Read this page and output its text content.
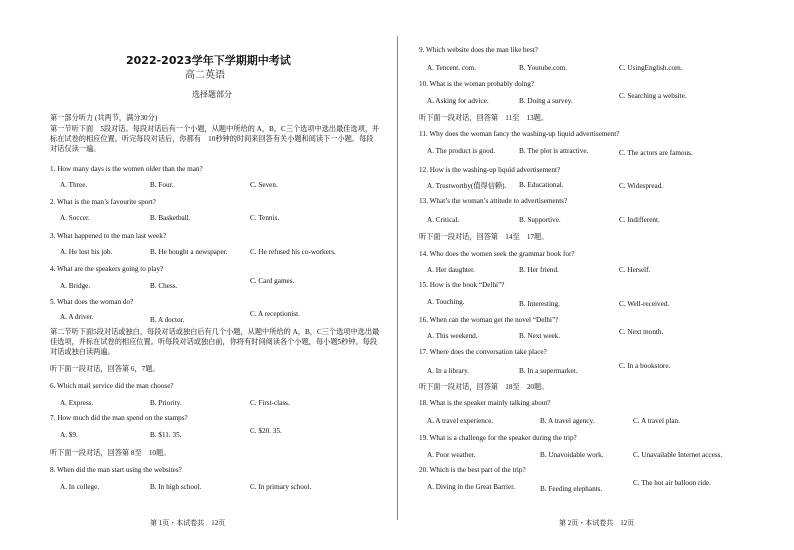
2022-2023学年下学期期中考试
高二英语
选择题部分
第一部分听力 (共两节，满分30分)
第一节听下面　5段对话。每段对话后有一个小题，从题中所给的 A，B，C三个选项中选出最佳选项，并标在试卷的相应位置。听完每段对话后，你都有　10秒钟的时间来回答有关小题和阅读下一小题。每段对话仅读一遍。
1. How many days is the women older than the man?
A. Three.	B. Four.	C. Seven.
2. What is the man’s favourite sport?
A. Soccer.	B. Basketball.	C. Tennis.
3. What happened to the man last week?
A. He lost his job.	B. He bought a newspaper.	C. He refused his co-workers.
4. What are the speakers going to play?
A. Bridge.	B. Chess.
C. Card games.
5. What does the woman do?
A. A driver.	B. A doctor.
C. A receptionist.
第二节听下面5段对话或独白，每段对话或独白后有几个小题，从题中所给的 A，B，C三个选项中选出最佳选项，并标在试卷的相应位置。听每段对话或独白前，你将有时间阅读各个小题，每小题5秒钟。每段对话或独白读两遍。
听下面一段对话，回答第 6，7题。
6. Which mail service did the man choose?
A. Express.	B. Priority.	C. First-class.
7. How much did the man spend on the stamps?
A. $9.	B. $11. 35.	C. $20. 35.
听下面一段对话，回答第 8至　10题。
8. When did the man start using the websites?
A. In college.	B. In high school.	C. In primary school.
第 1页・本试卷共　12页
9. Which website does the man like best?
A. Tencent. com.	B. Youtube.com.	C. UsingEnglish.com.
10. What is the woman probably doing?
A. Asking for advice.	B. Doing a survey.
C. Searching a website.
听下面一段对话，回答第　11至　13题。
11. Why does the woman fancy the washing-up liquid advertisement?
A. The product is good.	B. The plot is attractive.	C. The actors are famous.
12. How is the washing-up liquid advertisement?
A. Trustworthy(值得信赖). B. Educational.	C. Widespread.
13. What’s the woman’s attitude to advertisements?
A. Critical.	B. Supportive.	C. Indifferent.
听下面一段对话，回答第　14至　17题。
14. Who does the women seek the grammar book for?
A. Her daughter.	B. Her friend.	C. Herself.
15. How is the book “Delhi”?
A. Touching.	B. Interesting.	C. Well-received.
16. When can the woman get the novel “Delhi”?
A. This weekend.	B. Next week.	C. Next month.
17. Where does the conversation take place?
A. In a library.	B. In a supermarket.
C. In a bookstore.
听下面一段对话，回答第　18至　20题。
18. What is the speaker mainly talking about?
A. A travel experience.	B. A travel agency.	C. A travel plan.
19. What is a challenge for the speaker during the trip?
A. Poor weather.	B. Unavoidable work.	C. Unavailable Internet access.
20. Which is the best part of the trip?
A. Diving in the Great Barrier.	B. Feeding elephants.
C. The hot air balloon ride.
第 2页・本试卷共　12页
